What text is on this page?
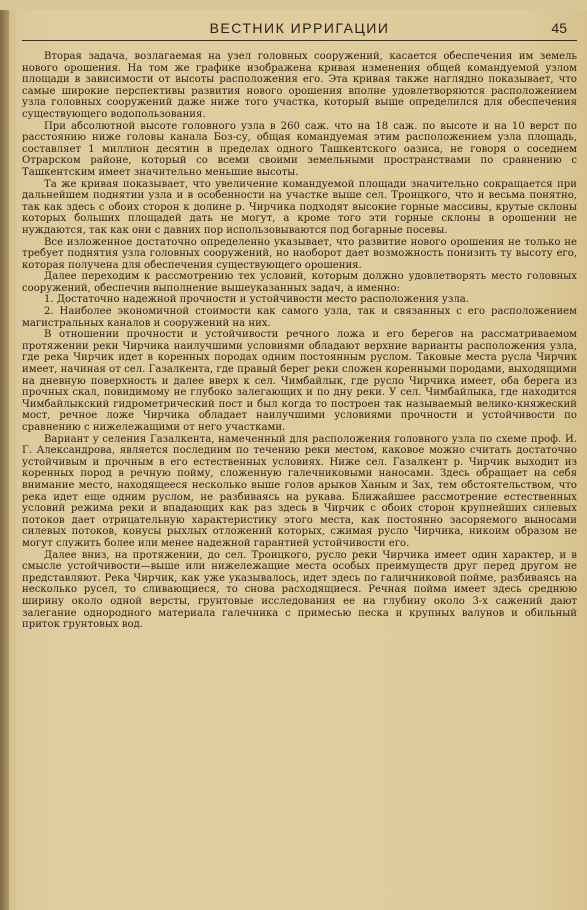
ВЕСТНИК ИРРИГАЦИИ	45

Вторая задача, возлагаемая на узел головных сооружений, касается обеспечения им земель нового орошения. На том же графике изображена кривая изменения общей командуемой узлом площади в зависимости от высоты расположения его. Эта кривая также наглядно показывает, что самые широкие перспективы развития нового орошения вполне удовлетворяются расположением узла головных сооружений даже ниже того участка, который выше определился для обеспечения существующего водопользования.

При абсолютной высоте головного узла в 260 саж. что на 18 саж. по высоте и на 10 верст по расстоянию ниже головы канала Боз-су, общая командуемая этим расположением узла площадь, составляет 1 миллион десятин в пределах одного Ташкентского оазиса, не говоря о соседнем Отрарском районе, который со всеми своими земельными пространствами по сравнению с Ташкентским имеет значительно меньшие высоты.

Та же кривая показывает, что увеличение командуемой площади значительно сокращается при дальнейшем поднятии узла и в особенности на участке выше сел. Троицкого, что и весьма понятно, так как здесь с обоих сторон к долине р. Чирчика подходят высокие горные массивы, крутые склоны которых больших площадей дать не могут, а кроме того эти горные склоны в орошении не нуждаются, так как они с давних пор использовываются под богарные посевы.

Все изложенное достаточно определенно указывает, что развитие нового орошения не только не требует поднятия узла головных сооружений, но наоборот дает возможность понизить ту высоту его, которая получена для обеспечения существующего орошения.

Далее переходим к рассмотрению тех условий, которым должно удовлетворять место головных сооружений, обеспечив выполнение вышеуказанных задач, а именно:

1. Достаточно надежной прочности и устойчивости место расположения узла.

2. Наиболее экономичной стоимости как самого узла, так и связанных с его расположением магистральных каналов и сооружений на них.

В отношении прочности и устойчивости речного ложа и его берегов на рассматриваемом протяжении реки Чирчика наилучшими условиями обладают верхние варианты расположения узла, где река Чирчик идет в коренных породах одним постоянным руслом. Таковые места русла Чирчик имеет, начиная от сел. Газалкента, где правый берег реки сложен коренными породами, выходящими на дневную поверхность и далее вверх к сел. Чимбайлык, где русло Чирчика имеет, оба берега из прочных скал, повидимому не глубоко залегающих и по дну реки. У сел. Чимбайлыка, где находится Чимбайлыкский гидрометрический пост и был когда то построен так называемый велико-княжеский мост, речное ложе Чирчика обладает наилучшими условиями прочности и устойчивости по сравнению с нижележащими от него участками.

Вариант у селения Газалкента, намеченный для расположения головного узла по схеме проф. И. Г. Александрова, является последним по течению реки местом, каковое можно считать достаточно устойчивым и прочным в его естественных условиях. Ниже сел. Газалкент р. Чирчик выходит из коренных пород в речную пойму, сложенную галечниковыми наносами. Здесь обращает на себя внимание место, находящееся несколько выше голов арыков Ханым и Зах, тем обстоятельством, что река идет еще одним руслом, не разбиваясь на рукава. Ближайшее рассмотрение естественных условий режима реки и впадающих как раз здесь в Чирчик с обоих сторон крупнейших силевых потоков дает отрицательную характеристику этого места, как постоянно засоряемого выносами силевых потоков, конусы рыхлых отложений которых, сжимая русло Чирчика, никоим образом не могут служить более или менее надежной гарантией устойчивости его.

Далее вниз, на протяжении, до сел. Троицкого, русло реки Чирчика имеет один характер, и в смысле устойчивости—выше или нижележащие места особых преимуществ друг перед другом не представляют. Река Чирчик, как уже указывалось, идет здесь по галичниковой пойме, разбиваясь на несколько русел, то сливающиеся, то снова расходящиеся. Речная пойма имеет здесь среднюю ширину около одной версты, грунтовые исследования ее на глубину около 3-х сажений дают залегание однородного материала галечника с примесью песка и крупных валунов и обильный приток грунтовых вод.
